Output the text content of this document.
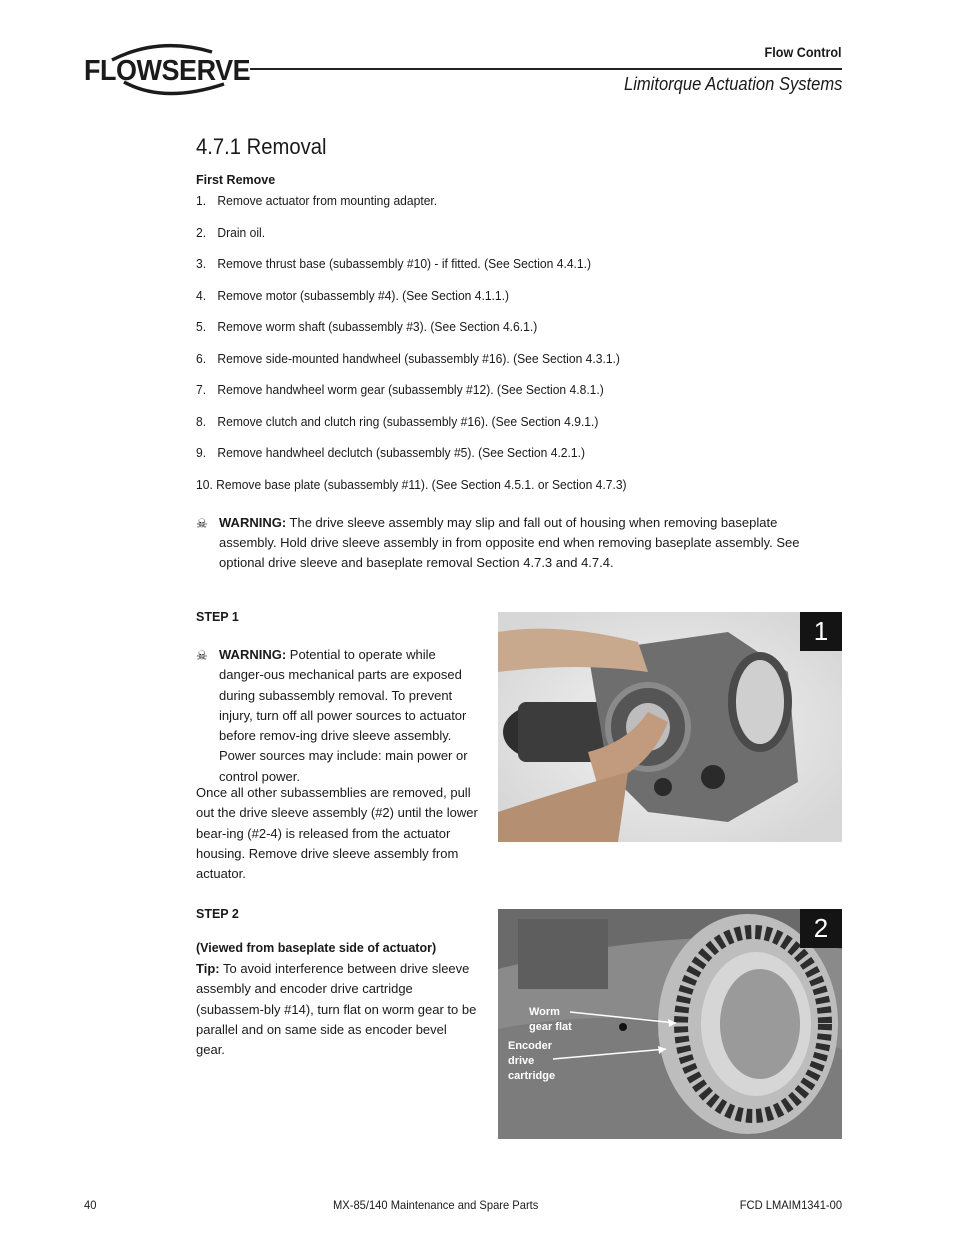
FLOWSERVE
Flow Control
Limitorque Actuation Systems
4.7.1 Removal
First Remove
1. Remove actuator from mounting adapter.
2. Drain oil.
3. Remove thrust base (subassembly #10) - if fitted. (See Section 4.4.1.)
4. Remove motor (subassembly #4). (See Section 4.1.1.)
5. Remove worm shaft (subassembly #3). (See Section 4.6.1.)
6. Remove side-mounted handwheel (subassembly #16). (See Section 4.3.1.)
7. Remove handwheel worm gear (subassembly #12). (See Section 4.8.1.)
8. Remove clutch and clutch ring (subassembly #16). (See Section 4.9.1.)
9. Remove handwheel declutch (subassembly #5). (See Section 4.2.1.)
10. Remove base plate (subassembly #11). (See Section 4.5.1. or Section 4.7.3)
☠ WARNING: The drive sleeve assembly may slip and fall out of housing when removing baseplate assembly. Hold drive sleeve assembly in from opposite end when removing baseplate assembly. See optional drive sleeve and baseplate removal Section 4.7.3 and 4.7.4.
STEP 1
☠ WARNING: Potential to operate while danger-ous mechanical parts are exposed during subassembly removal. To prevent injury, turn off all power sources to actuator before remov-ing drive sleeve assembly. Power sources may include: main power or control power.
Once all other subassemblies are removed, pull out the drive sleeve assembly (#2) until the lower bear-ing (#2-4) is released from the actuator housing. Remove drive sleeve assembly from actuator.
1
STEP 2
(Viewed from baseplate side of actuator)
Tip: To avoid interference between drive sleeve assembly and encoder drive cartridge (subassem-bly #14), turn flat on worm gear to be parallel and on same side as encoder bevel gear.
Worm
gear flat
Encoder
drive
cartridge
2
40	MX-85/140 Maintenance and Spare Parts	FCD LMAIM1341-00
